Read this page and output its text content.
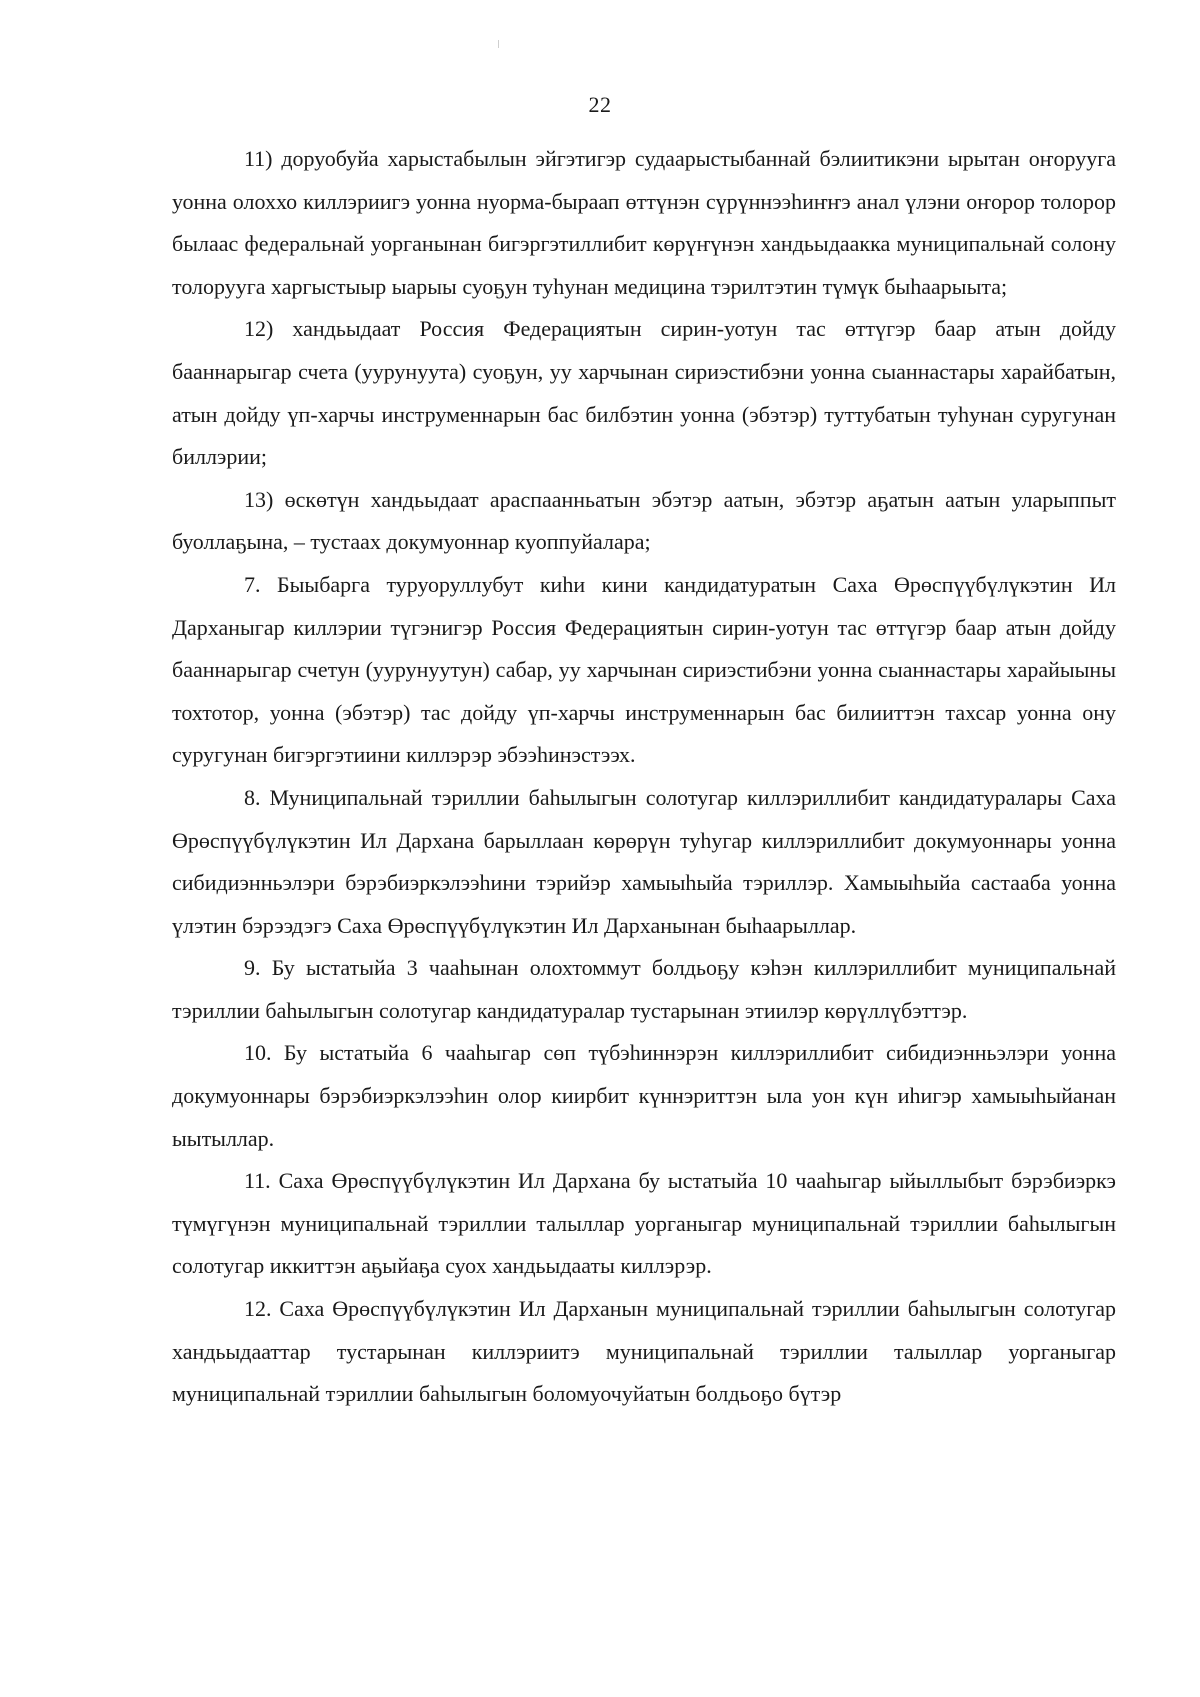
22

11) доруобуйа харыстабылын эйгэтигэр судаарыстыбаннай бэлиитикэни ырытан оҥорууга уонна олоххо киллэриигэ уонна нуорма-быраап өттүнэн сүрүннээһиҥҥэ анал үлэни оҥорор толорор былаас федеральнай уорганынан бигэргэтиллибит көрүҥүнэн хандьыдаакка муниципальнай солону толорууга харгыстыыр ыарыы суоҕун туһунан медицина тэрилтэтин түмүк быһаарыыта;

12) хандьыдаат Россия Федерациятын сирин-уотун тас өттүгэр баар атын дойду бааннарыгар счета (уурунуута) суоҕун, уу харчынан сириэстибэни уонна сыаннастары харайбатын, атын дойду үп-харчы инструменнарын бас билбэтин уонна (эбэтэр) туттубатын туһунан суругунан биллэрии;

13) өскөтүн хандьыдаат араспаанньатын эбэтэр аатын, эбэтэр аҕатын аатын уларыппыт буоллаҕына, – тустаах докумуоннар куоппуйалара;

7. Быыбарга туруоруллубут киһи кини кандидатуратын Саха Өрөспүүбүлүкэтин Ил Дарханыгар киллэрии түгэнигэр Россия Федерациятын сирин-уотун тас өттүгэр баар атын дойду бааннарыгар счетун (уурунуутун) сабар, уу харчынан сириэстибэни уонна сыаннастары харайыыны тохтотор, уонна (эбэтэр) тас дойду үп-харчы инструменнарын бас билииттэн тахсар уонна ону суругунан бигэргэтиини киллэрэр эбээһинэстээх.

8. Муниципальнай тэриллии баһылыгын солотугар киллэриллибит кандидатуралары Саха Өрөспүүбүлүкэтин Ил Дархана барыллаан көрөрүн туһугар киллэриллибит докумуоннары уонна сибидиэнньэлэри бэрэбиэркэлээһини тэрийэр хамыыһыйа тэриллэр. Хамыыһыйа састааба уонна үлэтин бэрээдэгэ Саха Өрөспүүбүлүкэтин Ил Дарханынан быһаарыллар.

9. Бу ыстатыйа 3 чааһынан олохтоммут болдьоҕу кэһэн киллэриллибит муниципальнай тэриллии баһылыгын солотугар кандидатуралар тустарынан этиилэр көрүллүбэттэр.

10. Бу ыстатыйа 6 чааһыгар сөп түбэһиннэрэн киллэриллибит сибидиэнньэлэри уонна докумуоннары бэрэбиэркэлээһин олор киирбит күннэриттэн ыла уон күн иһигэр хамыыһыйанан ыытыллар.

11. Саха Өрөспүүбүлүкэтин Ил Дархана бу ыстатыйа 10 чааһыгар ыйыллыбыт бэрэбиэркэ түмүгүнэн муниципальнай тэриллии талыллар уорганыгар муниципальнай тэриллии баһылыгын солотугар иккиттэн аҕыйаҕа суох хандьыдааты киллэрэр.

12. Саха Өрөспүүбүлүкэтин Ил Дарханын муниципальнай тэриллии баһылыгын солотугар хандьыдааттар тустарынан киллэриитэ муниципальнай тэриллии талыллар уорганыгар муниципальнай тэриллии баһылыгын боломуочуйатын болдьоҕо бүтэр
